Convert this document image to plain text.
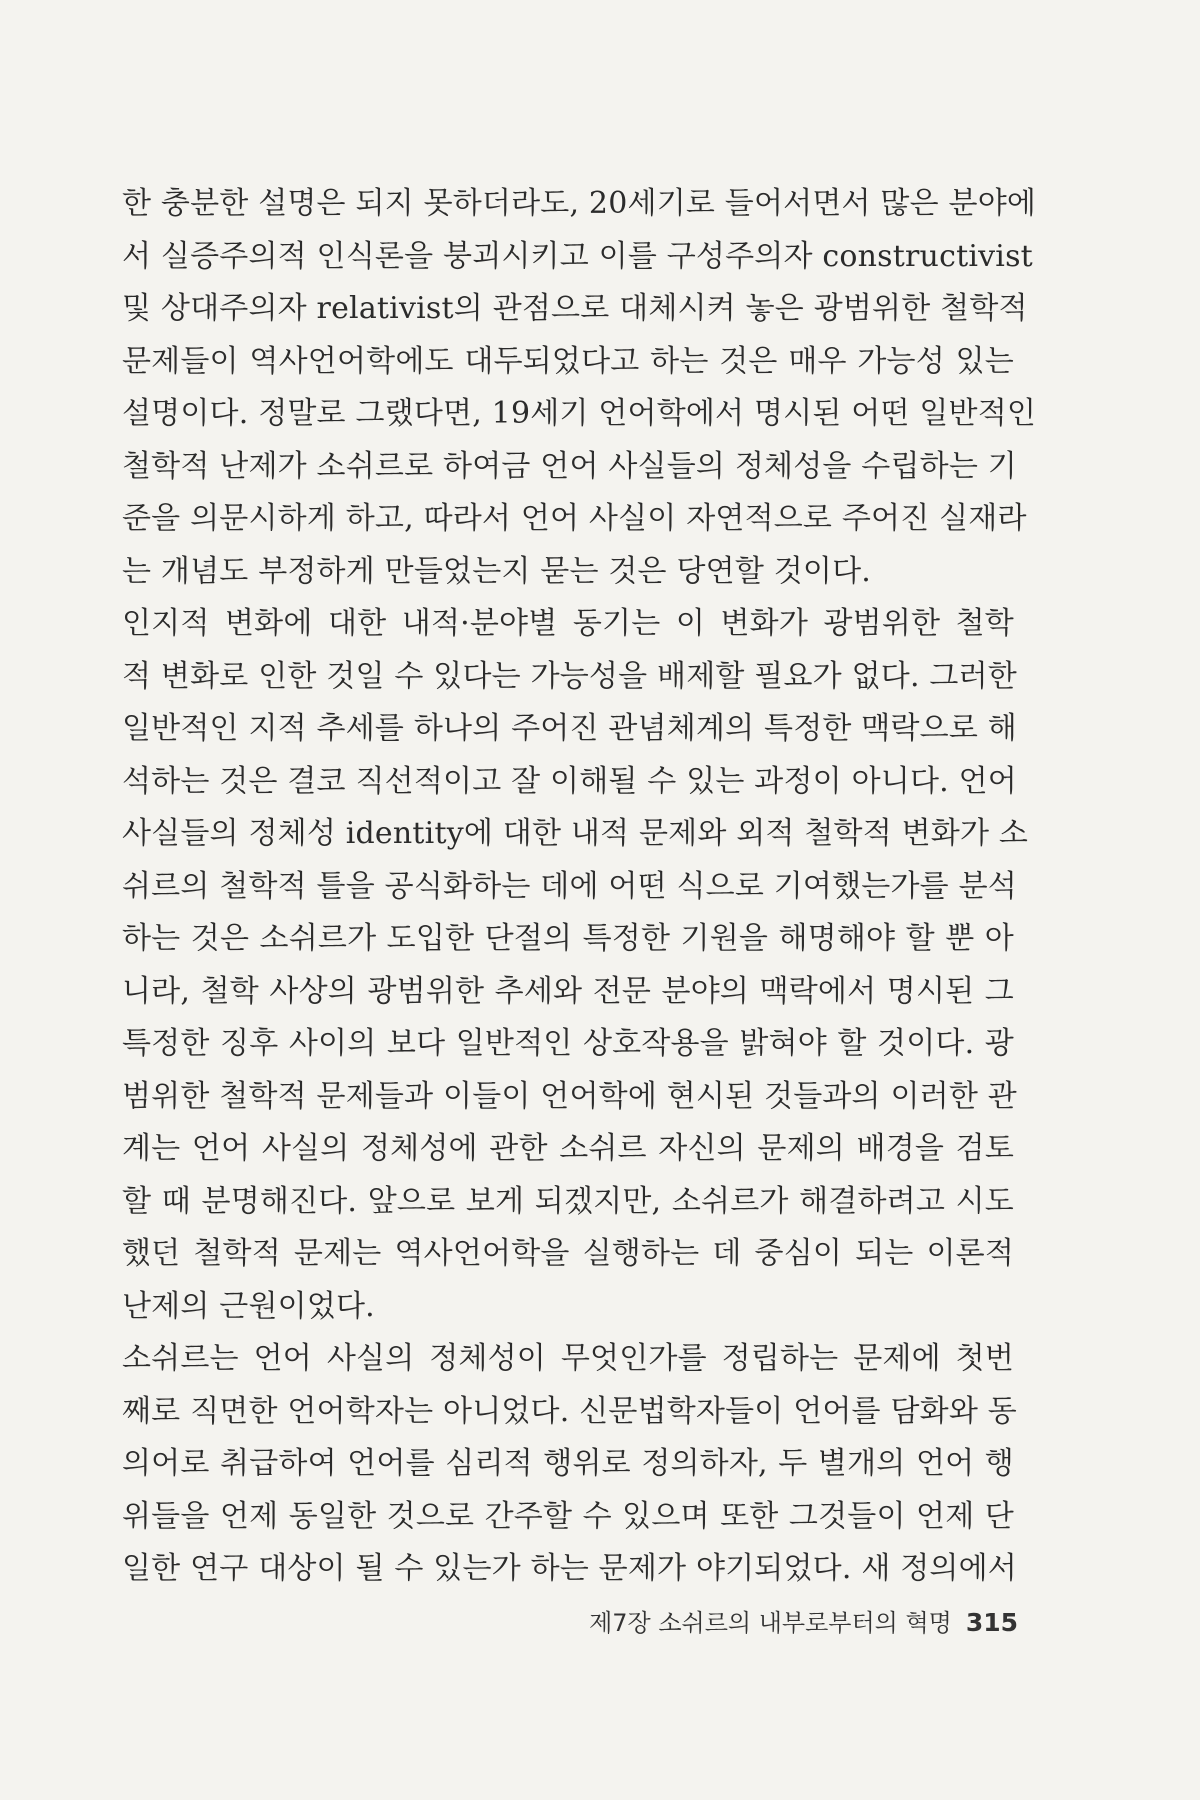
한 충분한 설명은 되지 못하더라도, 20세기로 들어서면서 많은 분야에
서 실증주의적 인식론을 붕괴시키고 이를 구성주의자 constructivist
및 상대주의자 relativist의 관점으로 대체시켜 놓은 광범위한 철학적
문제들이 역사언어학에도 대두되었다고 하는 것은 매우 가능성 있는
설명이다. 정말로 그랬다면, 19세기 언어학에서 명시된 어떤 일반적인
철학적 난제가 소쉬르로 하여금 언어 사실들의 정체성을 수립하는 기
준을 의문시하게 하고, 따라서 언어 사실이 자연적으로 주어진 실재라
는 개념도 부정하게 만들었는지 묻는 것은 당연할 것이다.
인지적 변화에 대한 내적·분야별 동기는 이 변화가 광범위한 철학
적 변화로 인한 것일 수 있다는 가능성을 배제할 필요가 없다. 그러한
일반적인 지적 추세를 하나의 주어진 관념체계의 특정한 맥락으로 해
석하는 것은 결코 직선적이고 잘 이해될 수 있는 과정이 아니다. 언어
사실들의 정체성 identity에 대한 내적 문제와 외적 철학적 변화가 소
쉬르의 철학적 틀을 공식화하는 데에 어떤 식으로 기여했는가를 분석
하는 것은 소쉬르가 도입한 단절의 특정한 기원을 해명해야 할 뿐 아
니라, 철학 사상의 광범위한 추세와 전문 분야의 맥락에서 명시된 그
특정한 징후 사이의 보다 일반적인 상호작용을 밝혀야 할 것이다. 광
범위한 철학적 문제들과 이들이 언어학에 현시된 것들과의 이러한 관
계는 언어 사실의 정체성에 관한 소쉬르 자신의 문제의 배경을 검토
할 때 분명해진다. 앞으로 보게 되겠지만, 소쉬르가 해결하려고 시도
했던 철학적 문제는 역사언어학을 실행하는 데 중심이 되는 이론적
난제의 근원이었다.
소쉬르는 언어 사실의 정체성이 무엇인가를 정립하는 문제에 첫번
째로 직면한 언어학자는 아니었다. 신문법학자들이 언어를 담화와 동
의어로 취급하여 언어를 심리적 행위로 정의하자, 두 별개의 언어 행
위들을 언제 동일한 것으로 간주할 수 있으며 또한 그것들이 언제 단
일한 연구 대상이 될 수 있는가 하는 문제가 야기되었다. 새 정의에서
제7장 소쉬르의 내부로부터의 혁명 315
